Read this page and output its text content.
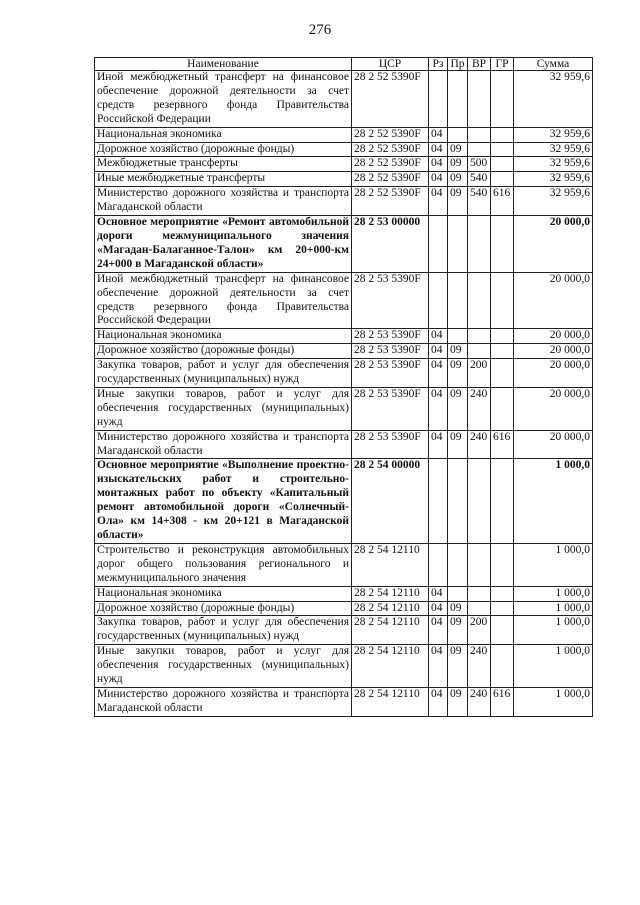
276
Наименование	ЦСР	Рз	Пр	ВР	ГР	Сумма
Иной межбюджетный трансферт на финансовое обеспечение дорожной деятельности за счет средств резервного фонда Правительства Российской Федерации	28 2 52 5390F					32 959,6
Национальная экономика	28 2 52 5390F	04				32 959,6
Дорожное хозяйство (дорожные фонды)	28 2 52 5390F	04	09			32 959,6
Межбюджетные трансферты	28 2 52 5390F	04	09	500		32 959,6
Иные межбюджетные трансферты	28 2 52 5390F	04	09	540		32 959,6
Министерство дорожного хозяйства и транспорта Магаданской области	28 2 52 5390F	04	09	540	616	32 959,6
Основное мероприятие «Ремонт автомобильной дороги межмуниципального значения «Магадан-Балаганное-Талон» км 20+000-км 24+000 в Магаданской области»	28 2 53 00000					20 000,0
Иной межбюджетный трансферт на финансовое обеспечение дорожной деятельности за счет средств резервного фонда Правительства Российской Федерации	28 2 53 5390F					20 000,0
Национальная экономика	28 2 53 5390F	04				20 000,0
Дорожное хозяйство (дорожные фонды)	28 2 53 5390F	04	09			20 000,0
Закупка товаров, работ и услуг для обеспечения государственных (муниципальных) нужд	28 2 53 5390F	04	09	200		20 000,0
Иные закупки товаров, работ и услуг для обеспечения государственных (муниципальных) нужд	28 2 53 5390F	04	09	240		20 000,0
Министерство дорожного хозяйства и транспорта Магаданской области	28 2 53 5390F	04	09	240	616	20 000,0
Основное мероприятие «Выполнение проектно-изыскательских работ и строительно-монтажных работ по объекту «Капитальный ремонт автомобильной дороги «Солнечный-Ола» км 14+308 - км 20+121 в Магаданской области»	28 2 54 00000					1 000,0
Строительство и реконструкция автомобильных дорог общего пользования регионального и межмуниципального значения	28 2 54 12110					1 000,0
Национальная экономика	28 2 54 12110	04				1 000,0
Дорожное хозяйство (дорожные фонды)	28 2 54 12110	04	09			1 000,0
Закупка товаров, работ и услуг для обеспечения государственных (муниципальных) нужд	28 2 54 12110	04	09	200		1 000,0
Иные закупки товаров, работ и услуг для обеспечения государственных (муниципальных) нужд	28 2 54 12110	04	09	240		1 000,0
Министерство дорожного хозяйства и транспорта Магаданской области	28 2 54 12110	04	09	240	616	1 000,0
